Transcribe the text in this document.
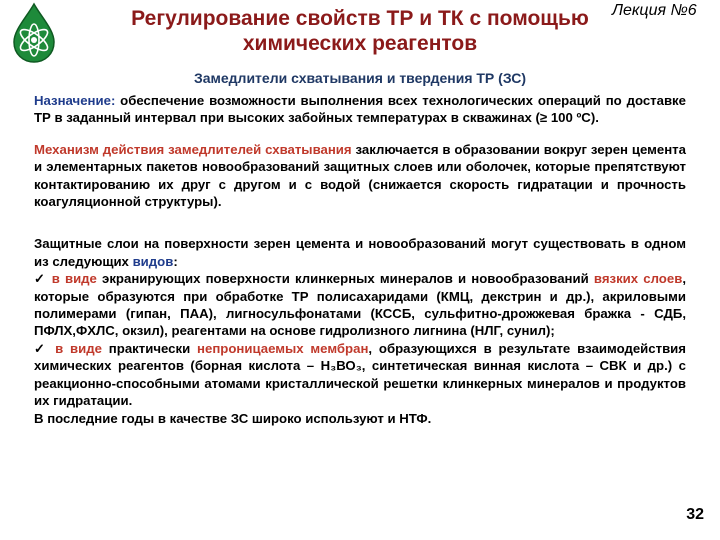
Регулирование свойств ТР и ТК с помощью
химических реагентов
Лекция №6
Замедлители схватывания и твердения ТР (ЗС)

Назначение: обеспечение возможности выполнения всех технологических операций по доставке ТР в заданный интервал при высоких забойных температурах в скважинах (≥ 100 ºС).

Механизм действия замедлителей схватывания заключается в образовании вокруг зерен цемента и элементарных пакетов новообразований защитных слоев или оболочек, которые препятствуют контактированию их друг с другом и с водой (снижается скорость гидратации и прочность коагуляционной структуры).

Защитные слои на поверхности зерен цемента и новообразований могут существовать в одном из следующих видов:

✓ в виде экранирующих поверхности клинкерных минералов и новообразований вязких слоев, которые образуются при обработке ТР полисахаридами (КМЦ, декстрин и др.), акриловыми полимерами (гипан, ПАА), лигносульфонатами (КССБ, сульфитно-дрожжевая бражка - СДБ, ПФЛХ,ФХЛС, окзил), реагентами на основе гидролизного лигнина (НЛГ, сунил);

✓ в виде практически непроницаемых мембран, образующихся в результате взаимодействия химических реагентов (борная кислота – Н₃ВО₃, синтетическая винная кислота – СВК и др.) с реакционно-способными атомами кристаллической решетки клинкерных минералов и продуктов их гидратации.

В последние годы в качестве ЗС широко используют и НТФ.

32
